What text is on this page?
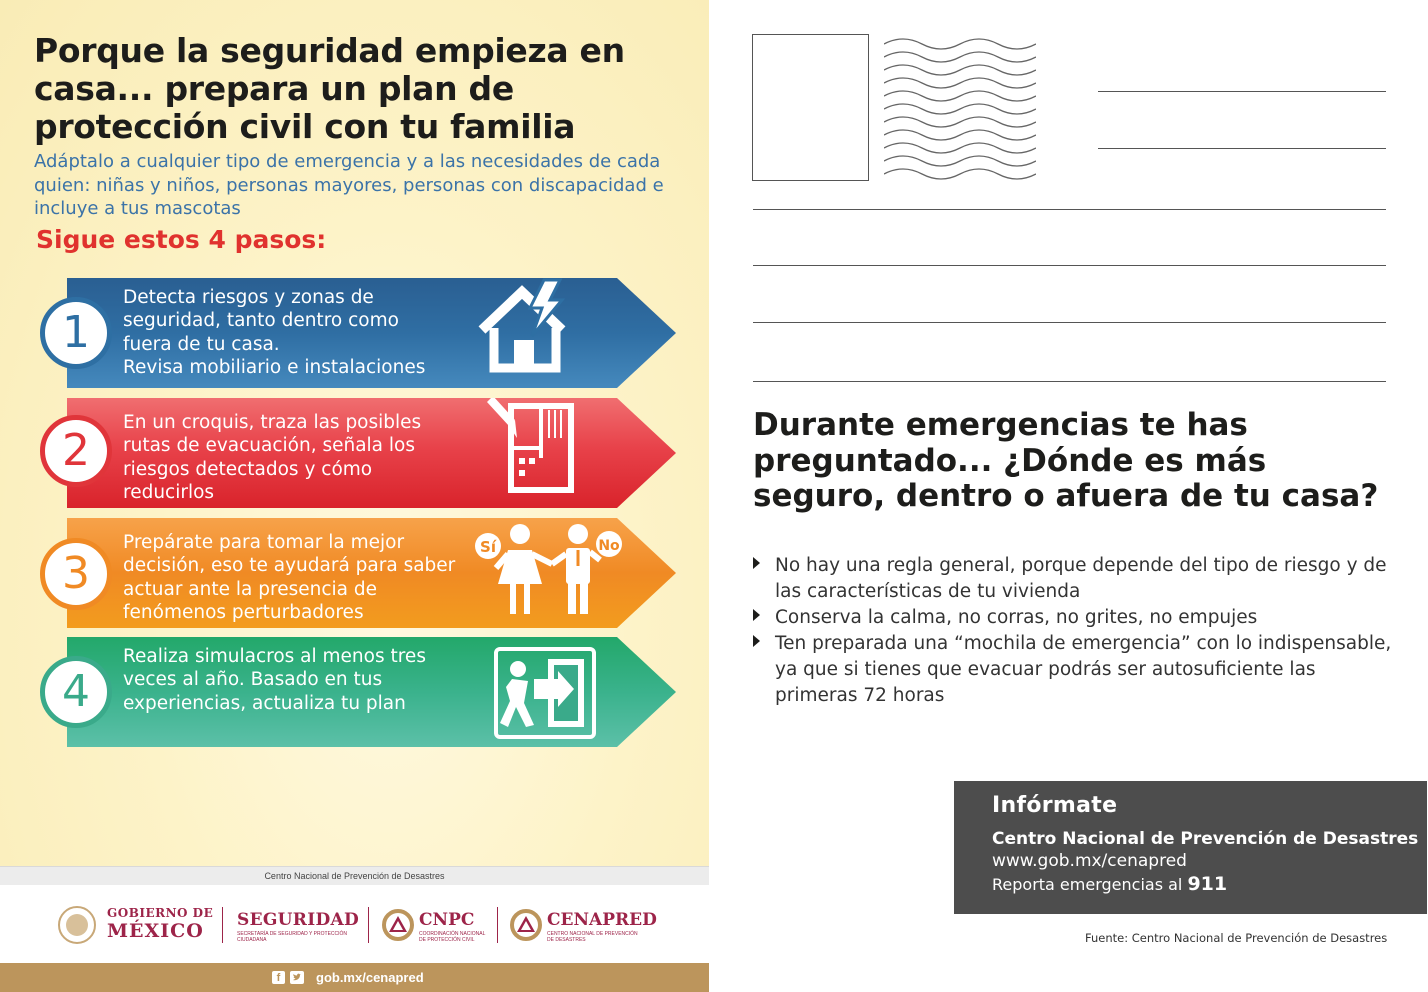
Porque la seguridad empieza en casa... prepara un plan de protección civil con tu familia

Adáptalo a cualquier tipo de emergencia y a las necesidades de cada quien: niñas y niños, personas mayores, personas con discapacidad e incluye a tus mascotas

Sigue estos 4 pasos:
1
Detecta riesgos y zonas de
seguridad, tanto dentro como
fuera de tu casa.
Revisa mobiliario e instalaciones
2
En un croquis, traza las posibles
rutas de evacuación, señala los
riesgos detectados y cómo
reducirlos
3
Prepárate para tomar la mejor
decisión, eso te ayudará para saber
actuar ante la presencia de
fenómenos perturbadores
Sí	No
4
Realiza simulacros al menos tres
veces al año. Basado en tus
experiencias, actualiza tu plan
Centro Nacional de Prevención de Desastres
GOBIERNO DE
MÉXICO SEGURIDAD
SECRETARÍA DE SEGURIDAD Y PROTECCIÓN CIUDADANA
CNPC
COORDINACIÓN NACIONAL DE PROTECCIÓN CIVIL
CENAPRED
CENTRO NACIONAL DE PREVENCIÓN DE DESASTRES
f	gob.mx/cenapred
Durante emergencias te has preguntado... ¿Dónde es más seguro, dentro o afuera de tu casa?
No hay una regla general, porque depende del tipo de riesgo y de las características de tu vivienda
Conserva la calma, no corras, no grites, no empujes
Ten preparada una “mochila de emergencia” con lo indispensable, ya que si tienes que evacuar podrás ser autosuficiente las primeras 72 horas
Infórmate
Centro Nacional de Prevención de Desastres
www.gob.mx/cenapred
Reporta emergencias al 911
Fuente: Centro Nacional de Prevención de Desastres
